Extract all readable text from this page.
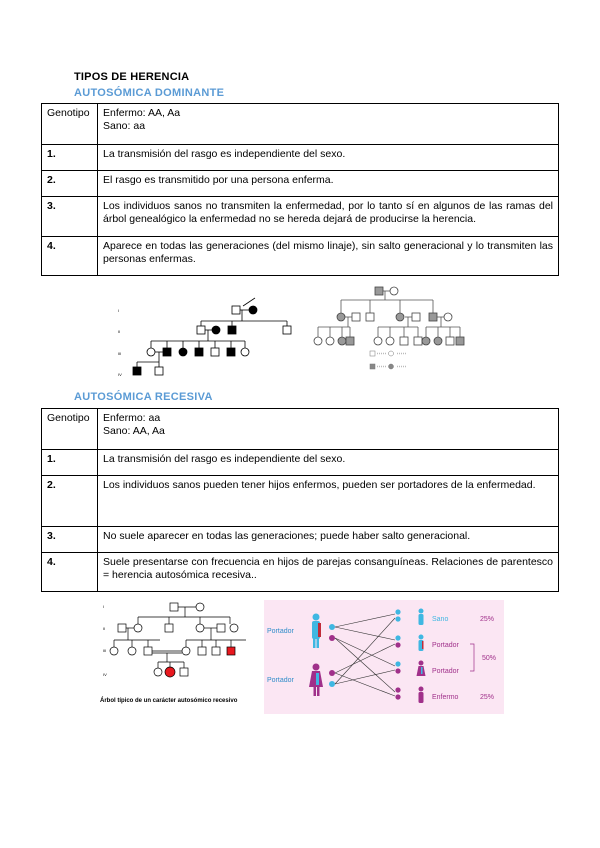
TIPOS DE HERENCIA
AUTOSÓMICA DOMINANTE
Genotipo	Enfermo: AA, Aa
Sano: aa

1.	La transmisión del rasgo es independiente del sexo.
2.	El rasgo es transmitido por una persona enferma.
3.	Los individuos sanos no transmiten la enfermedad, por lo tanto sí en algunos de las ramas del árbol genealógico la enfermedad no se hereda dejará de producirse la herencia.
4.	Aparece en todas las generaciones (del mismo linaje), sin salto generacional y lo transmiten las personas enfermas.
I
II
III
IV
AUTOSÓMICA RECESIVA
Genotipo	Enfermo: aa
Sano: AA, Aa

1.	La transmisión del rasgo es independiente del sexo.
2.	Los individuos sanos pueden tener hijos enfermos, pueden ser portadores de la enfermedad.
3.	No suele aparecer en todas las generaciones; puede haber salto generacional.
4.	Suele presentarse con frecuencia en hijos de parejas consanguíneas. Relaciones de parentesco = herencia autosómica recesiva..
I
II
III
IV
Árbol típico de un carácter autosómico recesivo
Portador
Portador
Sano
Portador
Portador
Enfermo
25%
50%
25%
